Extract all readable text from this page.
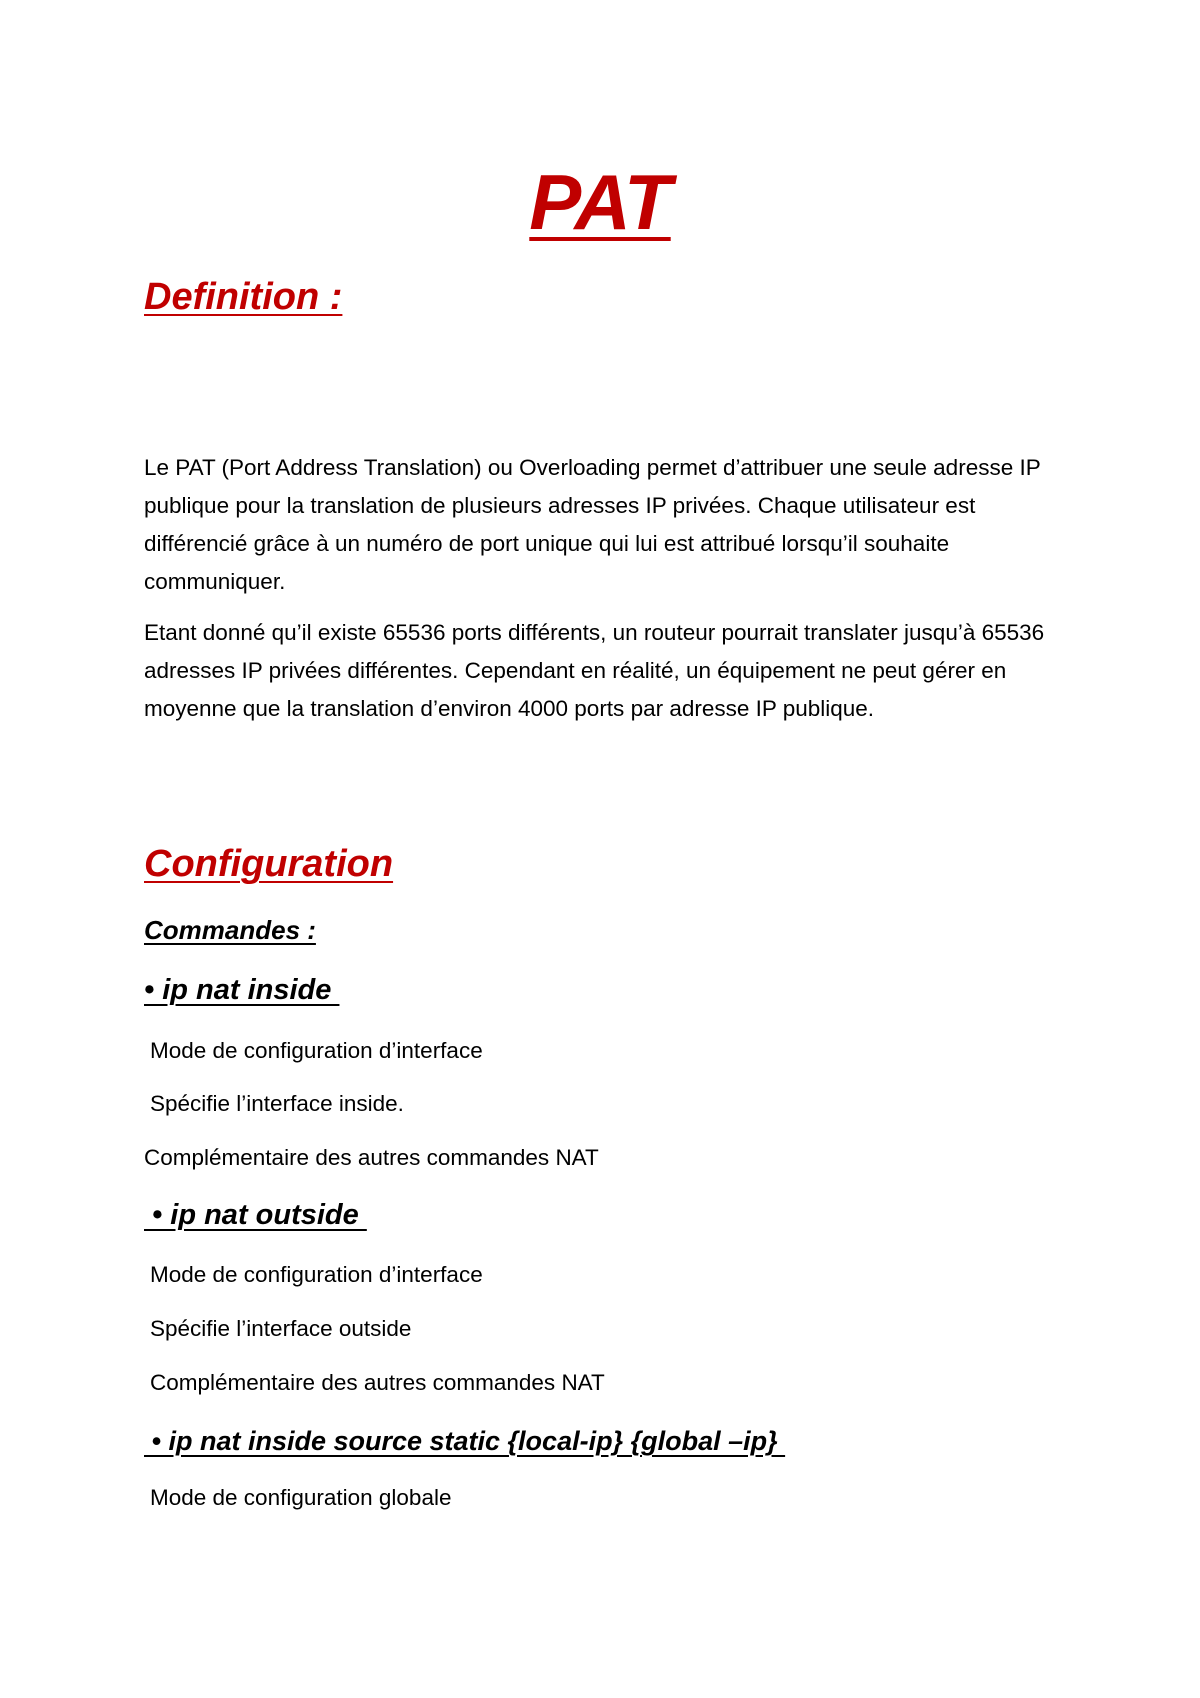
PAT
Definition :

Le PAT (Port Address Translation) ou Overloading permet d’attribuer une seule adresse IP publique pour la translation de plusieurs adresses IP privées. Chaque utilisateur est différencié grâce à un numéro de port unique qui lui est attribué lorsqu’il souhaite communiquer.

Etant donné qu’il existe 65536 ports différents, un routeur pourrait translater jusqu’à 65536 adresses IP privées différentes. Cependant en réalité, un équipement ne peut gérer en moyenne que la translation d’environ 4000 ports par adresse IP publique.

Configuration
Commandes :
• ip nat inside
Mode de configuration d’interface
Spécifie l’interface inside.
Complémentaire des autres commandes NAT
• ip nat outside
Mode de configuration d’interface
Spécifie l’interface outside
Complémentaire des autres commandes NAT
• ip nat inside source static {local-ip} {global –ip}
Mode de configuration globale
